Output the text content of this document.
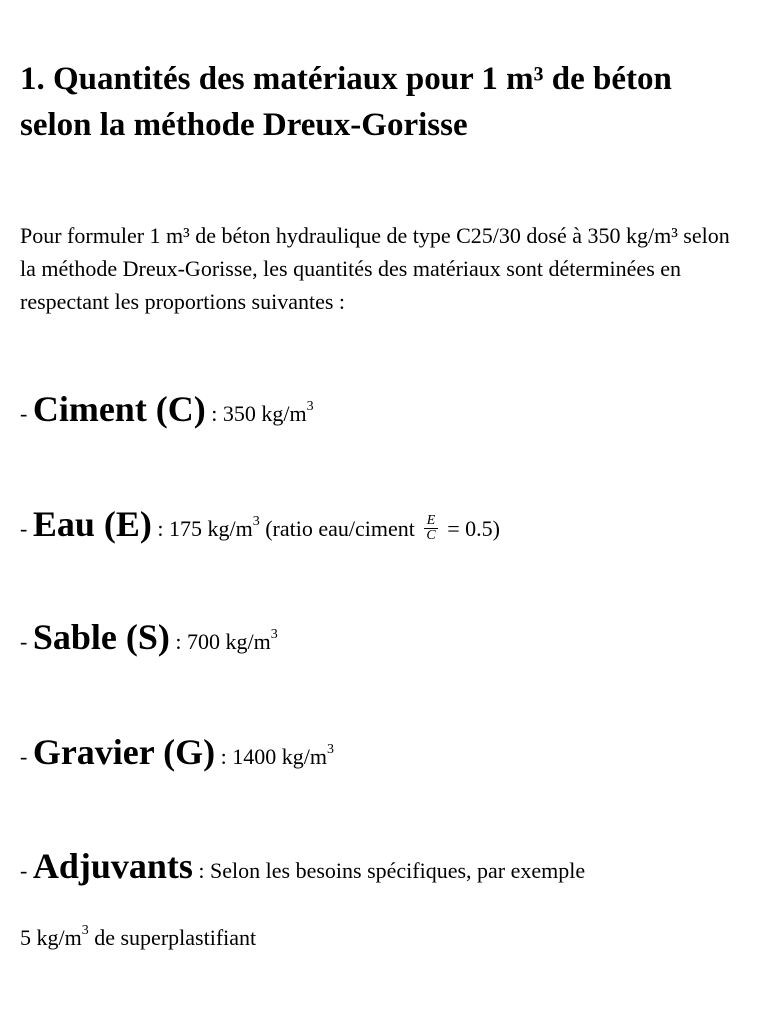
1. Quantités des matériaux pour 1 m³ de béton selon la méthode Dreux-Gorisse

Pour formuler 1 m³ de béton hydraulique de type C25/30 dosé à 350 kg/m³ selon la méthode Dreux-Gorisse, les quantités des matériaux sont déterminées en respectant les proportions suivantes :

- Ciment (C) : 350 $kg/m^3$

- Eau (E) : 175 $kg/m^3$ (ratio eau/ciment $\frac{E}{C} = 0.5$)

- Sable (S) : 700 $kg/m^3$

- Gravier (G) : 1400 $kg/m^3$

- Adjuvants : Selon les besoins spécifiques, par exemple

5 $kg/m^3$ de superplastifiant
